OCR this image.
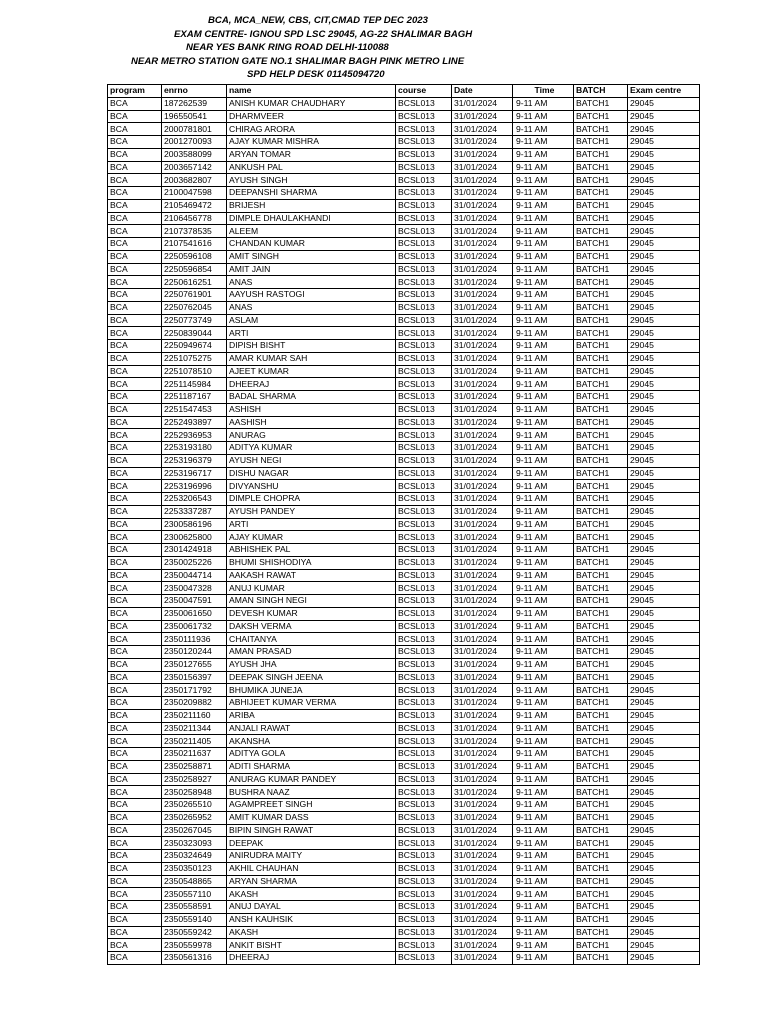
BCA, MCA_NEW, CBS, CIT,CMAD TEP DEC 2023
EXAM CENTRE- IGNOU SPD LSC 29045, AG-22 SHALIMAR BAGH
NEAR YES BANK RING ROAD DELHI-110088
NEAR METRO STATION GATE NO.1 SHALIMAR BAGH PINK METRO LINE
SPD HELP DESK 01145094720
program	enrno	name	course	Date	Time	BATCH	Exam centre
BCA	187262539	ANISH KUMAR CHAUDHARY	BCSL013	31/01/2024	9-11 AM	BATCH1	29045
BCA	196550541	DHARMVEER	BCSL013	31/01/2024	9-11 AM	BATCH1	29045
BCA	2000781801	CHIRAG ARORA	BCSL013	31/01/2024	9-11 AM	BATCH1	29045
BCA	2001270093	AJAY KUMAR MISHRA	BCSL013	31/01/2024	9-11 AM	BATCH1	29045
BCA	2003588099	ARYAN TOMAR	BCSL013	31/01/2024	9-11 AM	BATCH1	29045
BCA	2003657142	ANKUSH PAL	BCSL013	31/01/2024	9-11 AM	BATCH1	29045
BCA	2003682807	AYUSH SINGH	BCSL013	31/01/2024	9-11 AM	BATCH1	29045
BCA	2100047598	DEEPANSHI SHARMA	BCSL013	31/01/2024	9-11 AM	BATCH1	29045
BCA	2105469472	BRIJESH	BCSL013	31/01/2024	9-11 AM	BATCH1	29045
BCA	2106456778	DIMPLE DHAULAKHANDI	BCSL013	31/01/2024	9-11 AM	BATCH1	29045
BCA	2107378535	ALEEM	BCSL013	31/01/2024	9-11 AM	BATCH1	29045
BCA	2107541616	CHANDAN KUMAR	BCSL013	31/01/2024	9-11 AM	BATCH1	29045
BCA	2250596108	AMIT SINGH	BCSL013	31/01/2024	9-11 AM	BATCH1	29045
BCA	2250596854	AMIT JAIN	BCSL013	31/01/2024	9-11 AM	BATCH1	29045
BCA	2250616251	ANAS	BCSL013	31/01/2024	9-11 AM	BATCH1	29045
BCA	2250761901	AAYUSH RASTOGI	BCSL013	31/01/2024	9-11 AM	BATCH1	29045
BCA	2250762045	ANAS	BCSL013	31/01/2024	9-11 AM	BATCH1	29045
BCA	2250773749	ASLAM	BCSL013	31/01/2024	9-11 AM	BATCH1	29045
BCA	2250839044	ARTI	BCSL013	31/01/2024	9-11 AM	BATCH1	29045
BCA	2250949674	DIPISH BISHT	BCSL013	31/01/2024	9-11 AM	BATCH1	29045
BCA	2251075275	AMAR KUMAR SAH	BCSL013	31/01/2024	9-11 AM	BATCH1	29045
BCA	2251078510	AJEET KUMAR	BCSL013	31/01/2024	9-11 AM	BATCH1	29045
BCA	2251145984	DHEERAJ	BCSL013	31/01/2024	9-11 AM	BATCH1	29045
BCA	2251187167	BADAL SHARMA	BCSL013	31/01/2024	9-11 AM	BATCH1	29045
BCA	2251547453	ASHISH	BCSL013	31/01/2024	9-11 AM	BATCH1	29045
BCA	2252493897	AASHISH	BCSL013	31/01/2024	9-11 AM	BATCH1	29045
BCA	2252936953	ANURAG	BCSL013	31/01/2024	9-11 AM	BATCH1	29045
BCA	2253193180	ADITYA KUMAR	BCSL013	31/01/2024	9-11 AM	BATCH1	29045
BCA	2253196379	AYUSH NEGI	BCSL013	31/01/2024	9-11 AM	BATCH1	29045
BCA	2253196717	DISHU NAGAR	BCSL013	31/01/2024	9-11 AM	BATCH1	29045
BCA	2253196996	DIVYANSHU	BCSL013	31/01/2024	9-11 AM	BATCH1	29045
BCA	2253206543	DIMPLE CHOPRA	BCSL013	31/01/2024	9-11 AM	BATCH1	29045
BCA	2253337287	AYUSH PANDEY	BCSL013	31/01/2024	9-11 AM	BATCH1	29045
BCA	2300586196	ARTI	BCSL013	31/01/2024	9-11 AM	BATCH1	29045
BCA	2300625800	AJAY KUMAR	BCSL013	31/01/2024	9-11 AM	BATCH1	29045
BCA	2301424918	ABHISHEK PAL	BCSL013	31/01/2024	9-11 AM	BATCH1	29045
BCA	2350025226	BHUMI SHISHODIYA	BCSL013	31/01/2024	9-11 AM	BATCH1	29045
BCA	2350044714	AAKASH RAWAT	BCSL013	31/01/2024	9-11 AM	BATCH1	29045
BCA	2350047328	ANUJ KUMAR	BCSL013	31/01/2024	9-11 AM	BATCH1	29045
BCA	2350047591	AMAN SINGH NEGI	BCSL013	31/01/2024	9-11 AM	BATCH1	29045
BCA	2350061650	DEVESH KUMAR	BCSL013	31/01/2024	9-11 AM	BATCH1	29045
BCA	2350061732	DAKSH VERMA	BCSL013	31/01/2024	9-11 AM	BATCH1	29045
BCA	2350111936	CHAITANYA	BCSL013	31/01/2024	9-11 AM	BATCH1	29045
BCA	2350120244	AMAN PRASAD	BCSL013	31/01/2024	9-11 AM	BATCH1	29045
BCA	2350127655	AYUSH JHA	BCSL013	31/01/2024	9-11 AM	BATCH1	29045
BCA	2350156397	DEEPAK SINGH JEENA	BCSL013	31/01/2024	9-11 AM	BATCH1	29045
BCA	2350171792	BHUMIKA JUNEJA	BCSL013	31/01/2024	9-11 AM	BATCH1	29045
BCA	2350209882	ABHIJEET KUMAR VERMA	BCSL013	31/01/2024	9-11 AM	BATCH1	29045
BCA	2350211160	ARIBA	BCSL013	31/01/2024	9-11 AM	BATCH1	29045
BCA	2350211344	ANJALI RAWAT	BCSL013	31/01/2024	9-11 AM	BATCH1	29045
BCA	2350211405	AKANSHA	BCSL013	31/01/2024	9-11 AM	BATCH1	29045
BCA	2350211637	ADITYA GOLA	BCSL013	31/01/2024	9-11 AM	BATCH1	29045
BCA	2350258871	ADITI SHARMA	BCSL013	31/01/2024	9-11 AM	BATCH1	29045
BCA	2350258927	ANURAG KUMAR PANDEY	BCSL013	31/01/2024	9-11 AM	BATCH1	29045
BCA	2350258948	BUSHRA NAAZ	BCSL013	31/01/2024	9-11 AM	BATCH1	29045
BCA	2350265510	AGAMPREET SINGH	BCSL013	31/01/2024	9-11 AM	BATCH1	29045
BCA	2350265952	AMIT KUMAR DASS	BCSL013	31/01/2024	9-11 AM	BATCH1	29045
BCA	2350267045	BIPIN SINGH RAWAT	BCSL013	31/01/2024	9-11 AM	BATCH1	29045
BCA	2350323093	DEEPAK	BCSL013	31/01/2024	9-11 AM	BATCH1	29045
BCA	2350324649	ANIRUDRA MAITY	BCSL013	31/01/2024	9-11 AM	BATCH1	29045
BCA	2350350123	AKHIL CHAUHAN	BCSL013	31/01/2024	9-11 AM	BATCH1	29045
BCA	2350548865	ARYAN SHARMA	BCSL013	31/01/2024	9-11 AM	BATCH1	29045
BCA	2350557110	AKASH	BCSL013	31/01/2024	9-11 AM	BATCH1	29045
BCA	2350558591	ANUJ DAYAL	BCSL013	31/01/2024	9-11 AM	BATCH1	29045
BCA	2350559140	ANSH KAUHSIK	BCSL013	31/01/2024	9-11 AM	BATCH1	29045
BCA	2350559242	AKASH	BCSL013	31/01/2024	9-11 AM	BATCH1	29045
BCA	2350559978	ANKIT BISHT	BCSL013	31/01/2024	9-11 AM	BATCH1	29045
BCA	2350561316	DHEERAJ	BCSL013	31/01/2024	9-11 AM	BATCH1	29045
